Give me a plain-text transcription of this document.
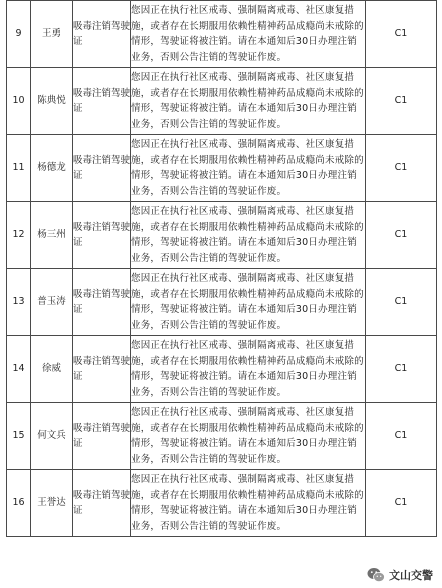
9	王勇	吸毒注销驾驶证	您因正在执行社区戒毒、强制隔离戒毒、社区康复措施，或者存在长期服用依赖性精神药品成瘾尚未戒除的情形，驾驶证将被注销。请在本通知后30日办理注销业务，否则公告注销的驾驶证作废。	C1
10	陈典悦	吸毒注销驾驶证	您因正在执行社区戒毒、强制隔离戒毒、社区康复措施，或者存在长期服用依赖性精神药品成瘾尚未戒除的情形，驾驶证将被注销。请在本通知后30日办理注销业务，否则公告注销的驾驶证作废。	C1
11	杨德龙	吸毒注销驾驶证	您因正在执行社区戒毒、强制隔离戒毒、社区康复措施，或者存在长期服用依赖性精神药品成瘾尚未戒除的情形，驾驶证将被注销。请在本通知后30日办理注销业务，否则公告注销的驾驶证作废。	C1
12	杨三州	吸毒注销驾驶证	您因正在执行社区戒毒、强制隔离戒毒、社区康复措施，或者存在长期服用依赖性精神药品成瘾尚未戒除的情形，驾驶证将被注销。请在本通知后30日办理注销业务，否则公告注销的驾驶证作废。	C1
13	普玉涛	吸毒注销驾驶证	您因正在执行社区戒毒、强制隔离戒毒、社区康复措施，或者存在长期服用依赖性精神药品成瘾尚未戒除的情形，驾驶证将被注销。请在本通知后30日办理注销业务，否则公告注销的驾驶证作废。	C1
14	徐威	吸毒注销驾驶证	您因正在执行社区戒毒、强制隔离戒毒、社区康复措施，或者存在长期服用依赖性精神药品成瘾尚未戒除的情形，驾驶证将被注销。请在本通知后30日办理注销业务，否则公告注销的驾驶证作废。	C1
15	何文兵	吸毒注销驾驶证	您因正在执行社区戒毒、强制隔离戒毒、社区康复措施，或者存在长期服用依赖性精神药品成瘾尚未戒除的情形，驾驶证将被注销。请在本通知后30日办理注销业务，否则公告注销的驾驶证作废。	C1
16	王誉达	吸毒注销驾驶证	您因正在执行社区戒毒、强制隔离戒毒、社区康复措施，或者存在长期服用依赖性精神药品成瘾尚未戒除的情形，驾驶证将被注销。请在本通知后30日办理注销业务，否则公告注销的驾驶证作废。	C1
文山交警
